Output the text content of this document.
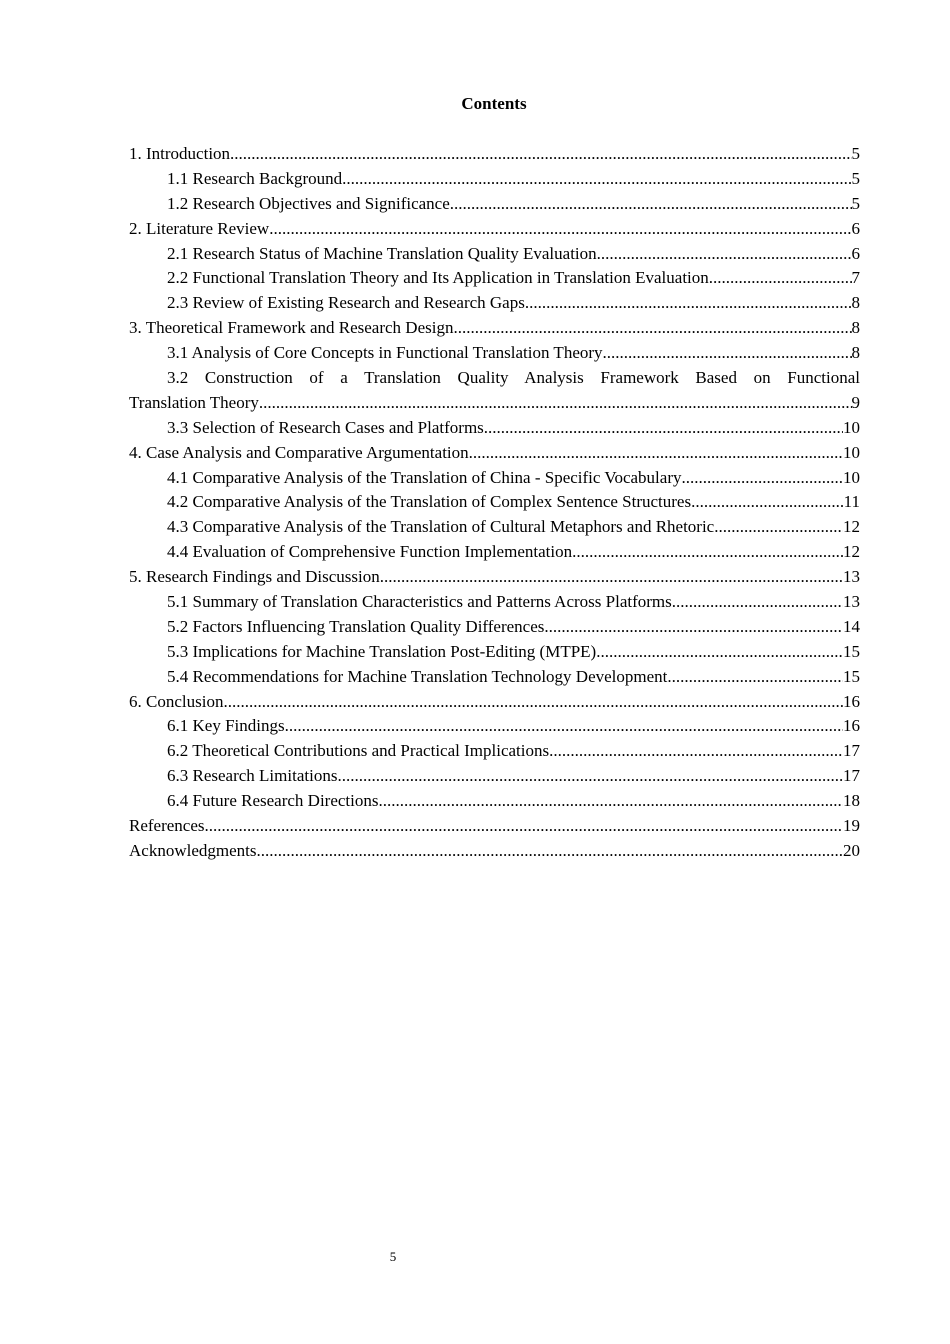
Contents
1. Introduction .....	5
1.1 Research Background .....	5
1.2 Research Objectives and Significance .....	5
2. Literature Review .....	6
2.1 Research Status of Machine Translation Quality Evaluation .....	6
2.2 Functional Translation Theory and Its Application in Translation Evaluation .....	7
2.3 Review of Existing Research and Research Gaps .....	8
3. Theoretical Framework and Research Design .....	8
3.1 Analysis of Core Concepts in Functional Translation Theory .....	8
3.2 Construction of a Translation Quality Analysis Framework Based on Functional
Translation Theory .....	9
3.3 Selection of Research Cases and Platforms .....	10
4. Case Analysis and Comparative Argumentation .....	10
4.1 Comparative Analysis of the Translation of China - Specific Vocabulary .....	10
4.2 Comparative Analysis of the Translation of Complex Sentence Structures .....	11
4.3 Comparative Analysis of the Translation of Cultural Metaphors and Rhetoric .....	12
4.4 Evaluation of Comprehensive Function Implementation .....	12
5. Research Findings and Discussion .....	13
5.1 Summary of Translation Characteristics and Patterns Across Platforms .....	13
5.2 Factors Influencing Translation Quality Differences .....	14
5.3 Implications for Machine Translation Post-Editing (MTPE) .....	15
5.4 Recommendations for Machine Translation Technology Development .....	15
6. Conclusion .....	16
6.1 Key Findings .....	16
6.2 Theoretical Contributions and Practical Implications .....	17
6.3 Research Limitations .....	17
6.4 Future Research Directions .....	18
References .....	19
Acknowledgments .....	20
5
